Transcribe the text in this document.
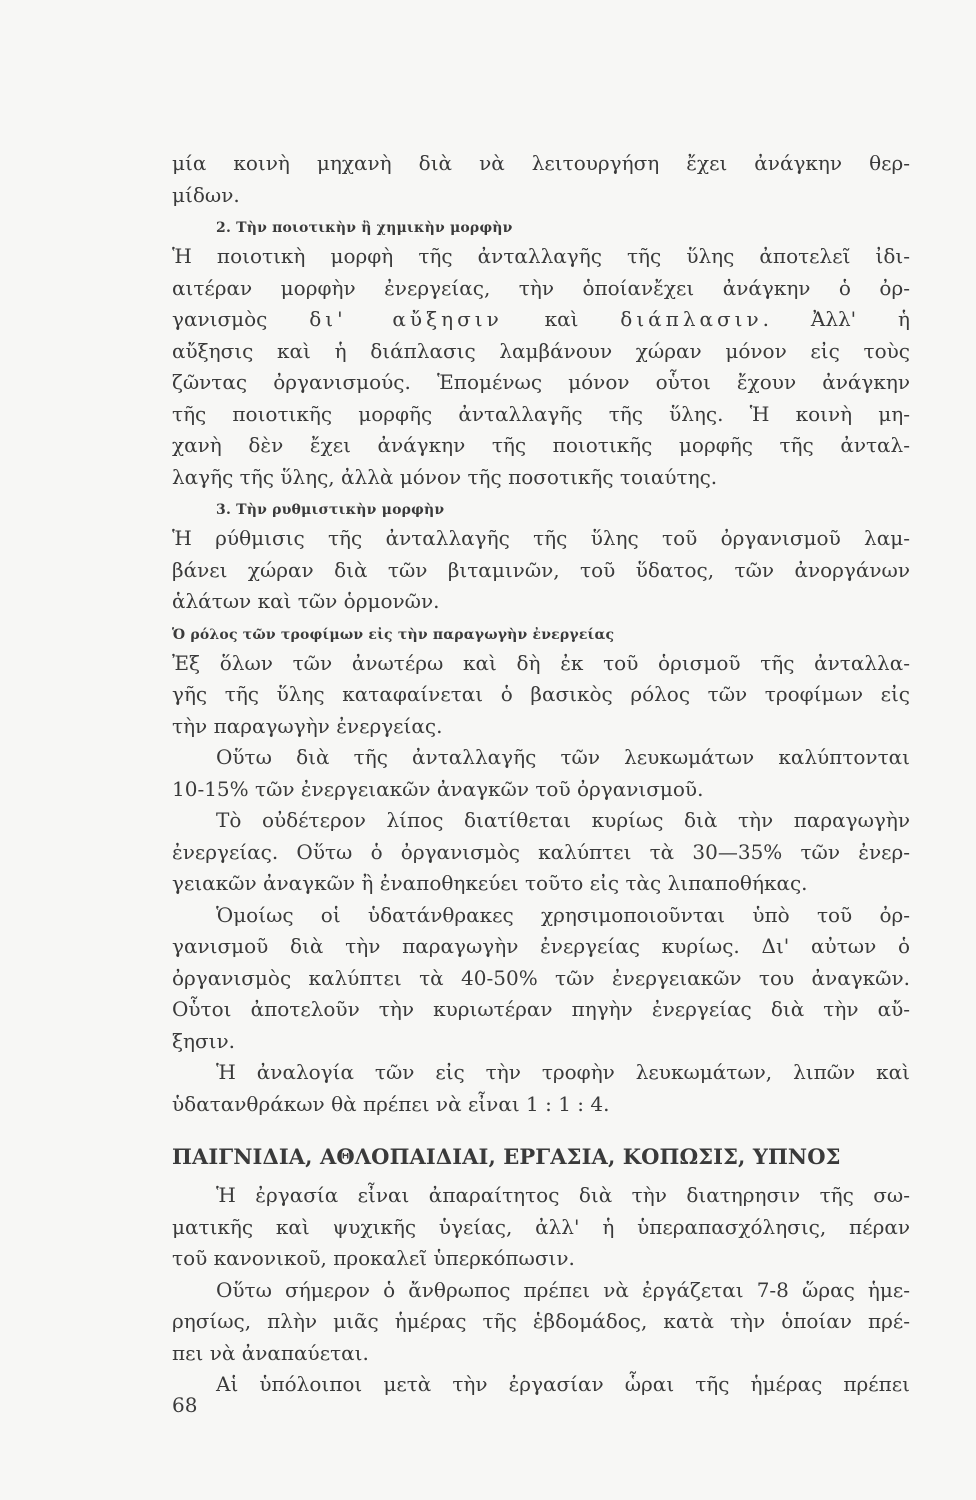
μία κοινὴ μηχανὴ διὰ νὰ λειτουργήση ἔχει ἀνάγκην θερ-
μίδων.
2. Τὴν ποιοτικὴν ἢ χημικὴν μορφὴν
Ἡ ποιοτικὴ μορφὴ τῆς ἀνταλλαγῆς τῆς ὕλης ἀποτελεῖ ἰδι-
αιτέραν μορφὴν ἐνεργείας, τὴν ὁποίανἔχει ἀνάγκην ὁ ὀρ-
γανισμὸς δι' αὔξησιν καὶ διάπλασιν. Ἀλλ' ἡ
αὔξησις καὶ ἡ διάπλασις λαμβάνουν χώραν μόνον εἰς τοὺς
ζῶντας ὀργανισμούς. Ἑπομένως μόνον οὗτοι ἔχουν ἀνάγκην
τῆς ποιοτικῆς μορφῆς ἀνταλλαγῆς τῆς ὕλης. Ἡ κοινὴ μη-
χανὴ δὲν ἔχει ἀνάγκην τῆς ποιοτικῆς μορφῆς τῆς ἀνταλ-
λαγῆς τῆς ὕλης, ἀλλὰ μόνον τῆς ποσοτικῆς τοιαύτης.
3. Τὴν ρυθμιστικὴν μορφὴν
Ἡ ρύθμισις τῆς ἀνταλλαγῆς τῆς ὕλης τοῦ ὀργανισμοῦ λαμ-
βάνει χώραν διὰ τῶν βιταμινῶν, τοῦ ὕδατος, τῶν ἀνοργάνων
ἁλάτων καὶ τῶν ὁρμονῶν.
Ὁ ρόλος τῶν τροφίμων εἰς τὴν παραγωγὴν ἐνεργείας
Ἐξ ὅλων τῶν ἀνωτέρω καὶ δὴ ἐκ τοῦ ὁρισμοῦ τῆς ἀνταλλα-
γῆς τῆς ὕλης καταφαίνεται ὁ βασικὸς ρόλος τῶν τροφίμων εἰς
τὴν παραγωγὴν ἐνεργείας.
Οὕτω διὰ τῆς ἀνταλλαγῆς τῶν λευκωμάτων καλύπτονται
10-15% τῶν ἐνεργειακῶν ἀναγκῶν τοῦ ὀργανισμοῦ.
Τὸ οὐδέτερον λίπος διατίθεται κυρίως διὰ τὴν παραγωγὴν
ἐνεργείας. Οὕτω ὁ ὀργανισμὸς καλύπτει τὰ 30—35% τῶν ἐνερ-
γειακῶν ἀναγκῶν ἢ ἐναποθηκεύει τοῦτο εἰς τὰς λιπαποθήκας.
Ὁμοίως οἱ ὑδατάνθρακες χρησιμοποιοῦνται ὑπὸ τοῦ ὀρ-
γανισμοῦ διὰ τὴν παραγωγὴν ἐνεργείας κυρίως. Δι' αὐτων ὁ
ὀργανισμὸς καλύπτει τὰ 40-50% τῶν ἐνεργειακῶν του ἀναγκῶν.
Οὗτοι ἀποτελοῦν τὴν κυριωτέραν πηγὴν ἐνεργείας διὰ τὴν αὔ-
ξησιν.
Ἡ ἀναλογία τῶν εἰς τὴν τροφὴν λευκωμάτων, λιπῶν καὶ
ὑδατανθράκων θὰ πρέπει νὰ εἶναι 1 : 1 : 4.
ΠΑΙΓΝΙΔΙΑ, ΑΘΛΟΠΑΙΔΙΑΙ, ΕΡΓΑΣΙΑ, ΚΟΠΩΣΙΣ, ΥΠΝΟΣ
Ἡ ἐργασία εἶναι ἀπαραίτητος διὰ τὴν διατηρησιν τῆς σω-
ματικῆς καὶ ψυχικῆς ὑγείας, ἀλλ' ἡ ὑπεραπασχόλησις, πέραν
τοῦ κανονικοῦ, προκαλεῖ ὑπερκόπωσιν.
Οὕτω σήμερον ὁ ἄνθρωπος πρέπει νὰ ἐργάζεται 7-8 ὥρας ἡμε-
ρησίως, πλὴν μιᾶς ἡμέρας τῆς ἑβδομάδος, κατὰ τὴν ὁποίαν πρέ-
πει νὰ ἀναπαύεται.
Αἱ ὑπόλοιποι μετὰ τὴν ἐργασίαν ὧραι τῆς ἡμέρας πρέπει
68
